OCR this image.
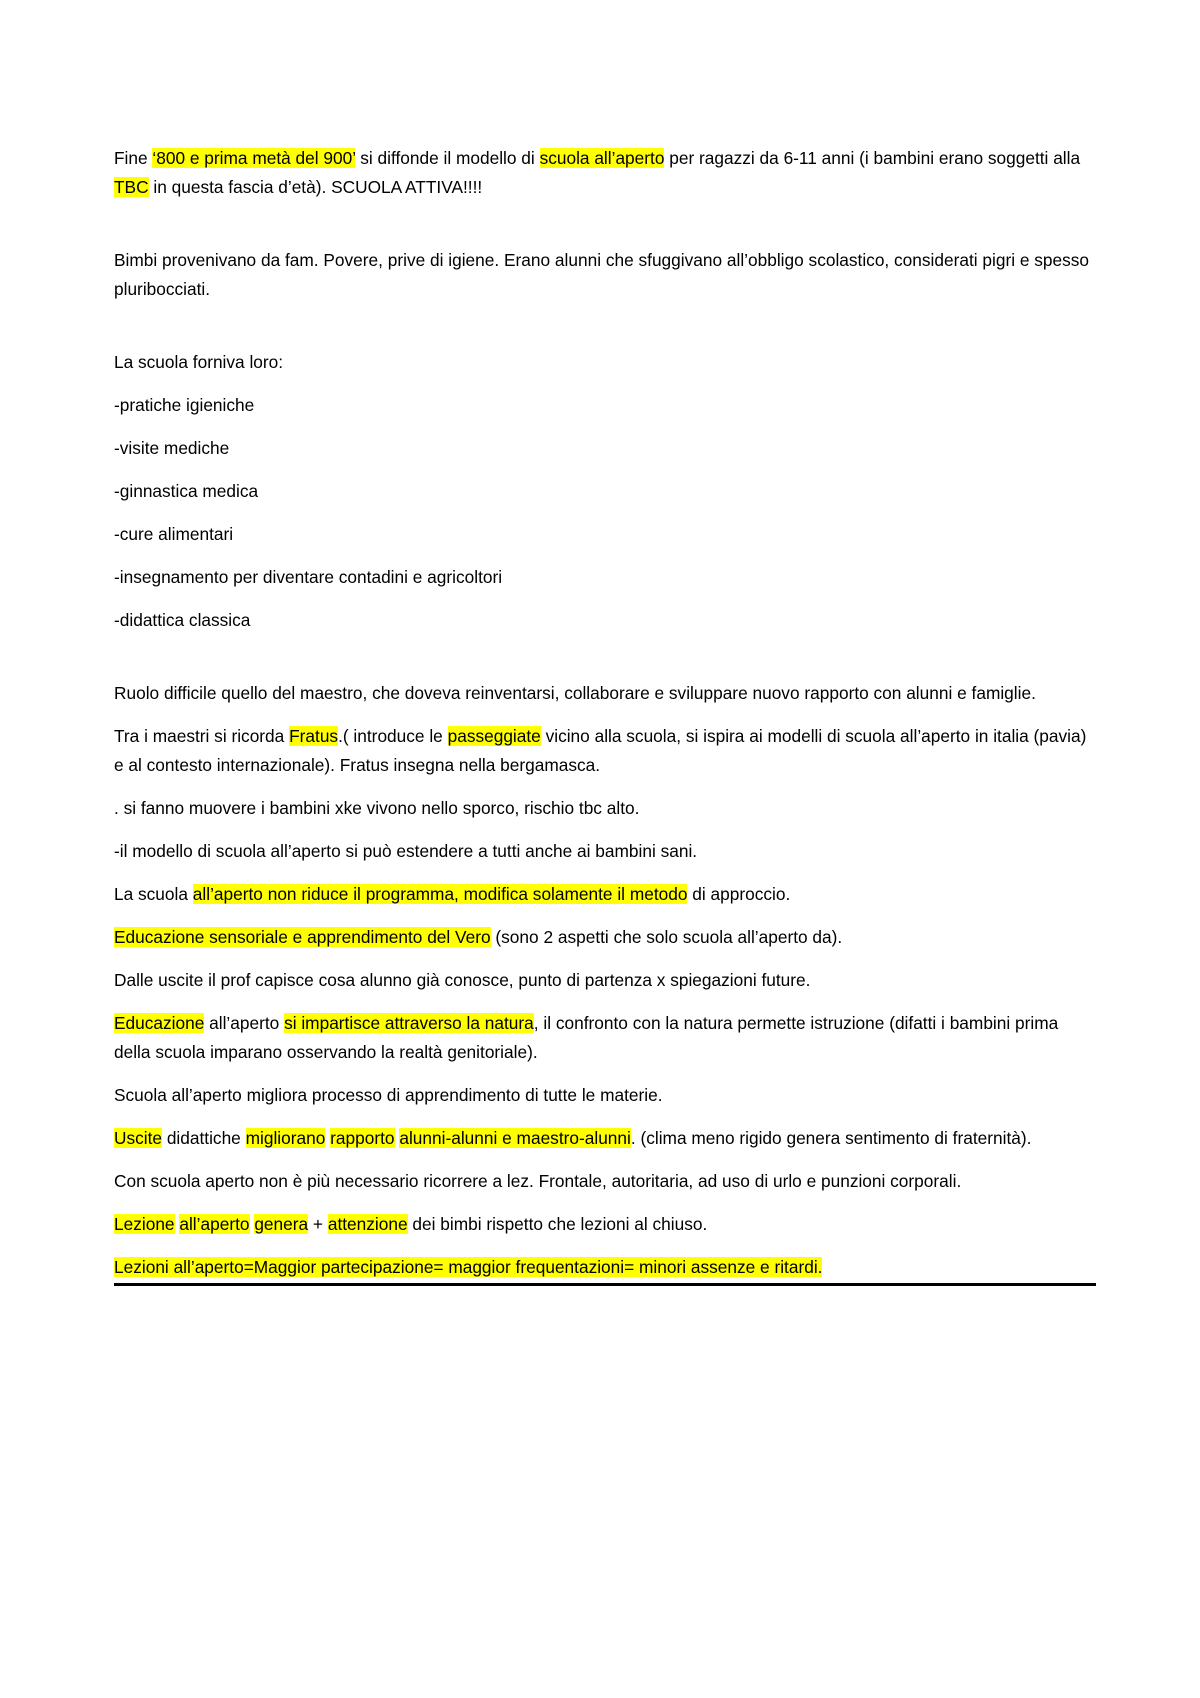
Fine ‘800 e prima metà del 900’ si diffonde il modello di scuola all’aperto per ragazzi da 6-11 anni (i bambini erano soggetti alla TBC in questa fascia d’età). SCUOLA ATTIVA!!!!

Bimbi provenivano da fam. Povere, prive di igiene. Erano alunni che sfuggivano all’obbligo scolastico, considerati pigri e spesso pluribocciati.

La scuola forniva loro:

-pratiche igieniche

-visite mediche

-ginnastica medica

-cure alimentari

-insegnamento per diventare contadini e agricoltori

-didattica classica

Ruolo difficile quello del maestro, che doveva reinventarsi, collaborare e sviluppare nuovo rapporto con alunni e famiglie.

Tra i maestri si ricorda Fratus.( introduce le passeggiate vicino alla scuola, si ispira ai modelli di scuola all’aperto in italia (pavia) e al contesto internazionale). Fratus insegna nella bergamasca.

. si fanno muovere i bambini xke vivono nello sporco, rischio tbc alto.

-il modello di scuola all’aperto si può estendere a tutti anche ai bambini sani.

La scuola all’aperto non riduce il programma, modifica solamente il metodo di approccio.

Educazione sensoriale e apprendimento del Vero (sono 2 aspetti che solo scuola all’aperto da).

Dalle uscite il prof capisce cosa alunno già conosce, punto di partenza x spiegazioni future.

Educazione all’aperto si impartisce attraverso la natura, il confronto con la natura permette istruzione (difatti i bambini prima della scuola imparano osservando la realtà genitoriale).

Scuola all’aperto migliora processo di apprendimento di tutte le materie.

Uscite didattiche migliorano rapporto alunni-alunni e maestro-alunni. (clima meno rigido genera sentimento di fraternità).

Con scuola aperto non è più necessario ricorrere a lez. Frontale, autoritaria, ad uso di urlo e punzioni corporali.

Lezione all’aperto genera + attenzione dei bimbi rispetto che lezioni al chiuso.

Lezioni all’aperto=Maggior partecipazione= maggior frequentazioni= minori assenze e ritardi.
